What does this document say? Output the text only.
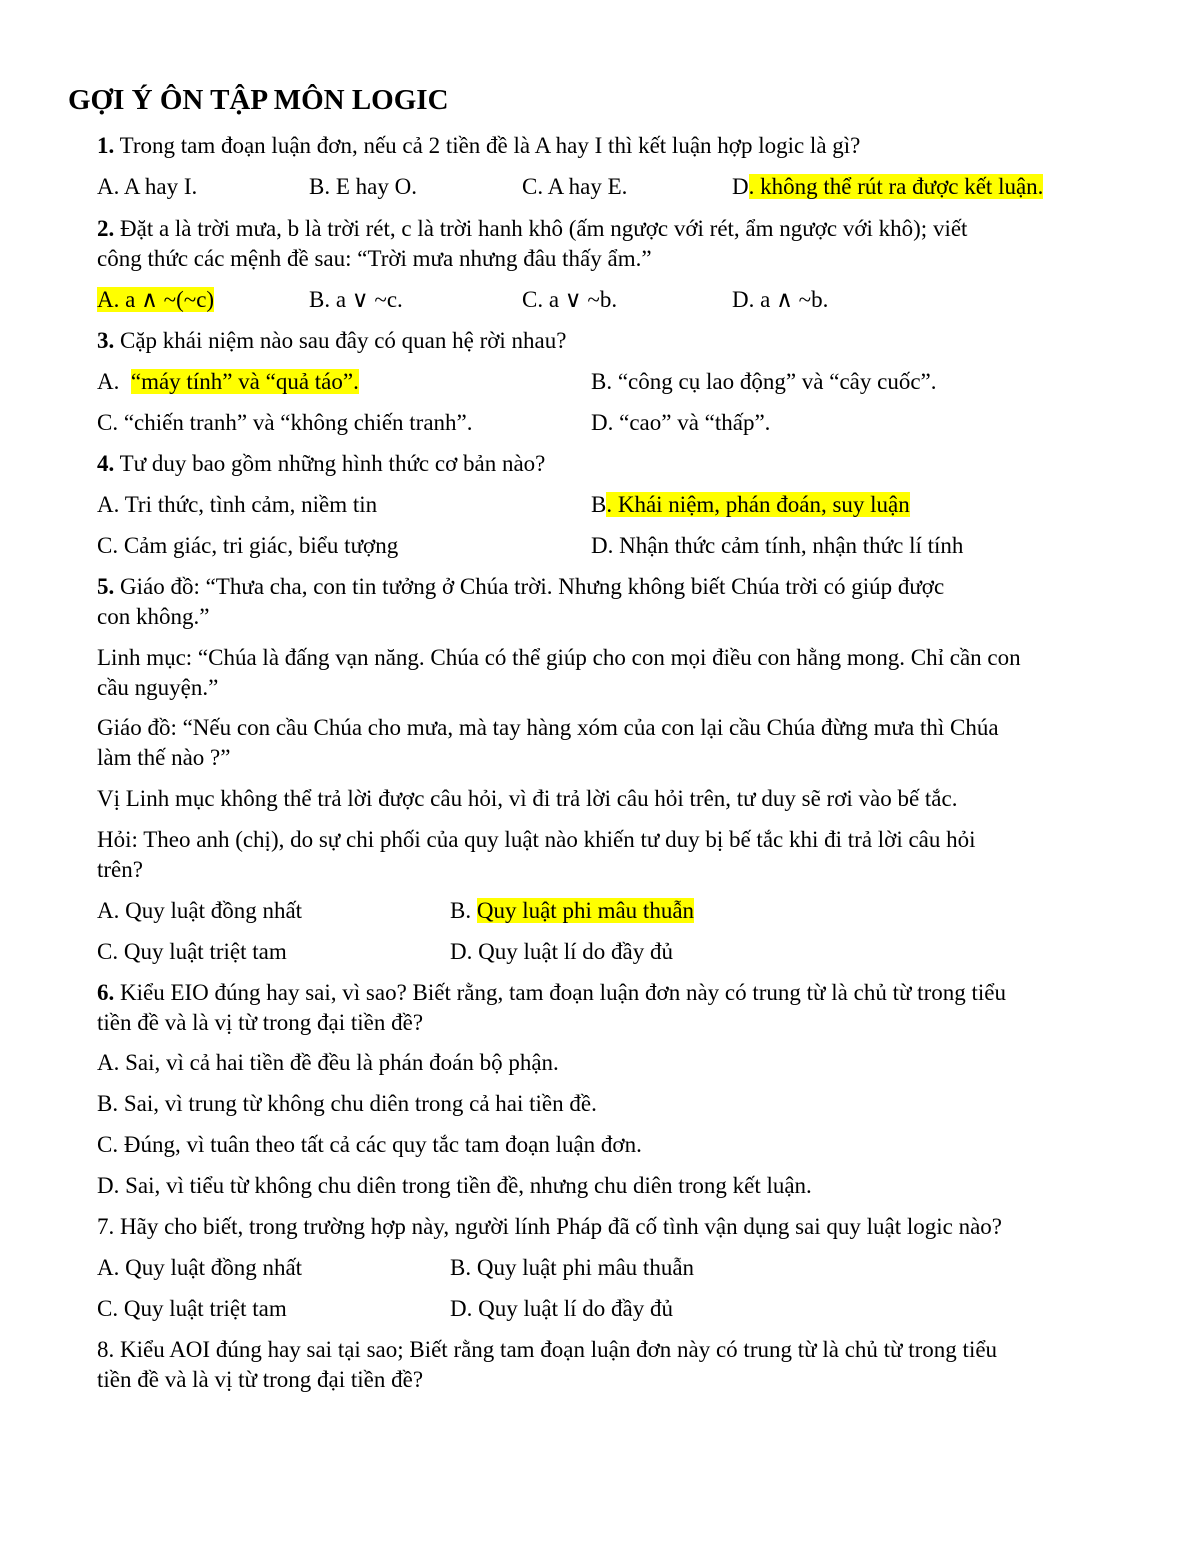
GỢI Ý ÔN TẬP MÔN LOGIC
1. Trong tam đoạn luận đơn, nếu cả 2 tiền đề là A hay I thì kết luận hợp logic là gì?
A. A hay I.	B. E hay O.	C. A hay E.	D. không thể rút ra được kết luận.
2. Đặt a là trời mưa, b là trời rét, c là trời hanh khô (ấm ngược với rét, ẩm ngược với khô); viết
công thức các mệnh đề sau: “Trời mưa nhưng đâu thấy ẩm.”
A. a ∧ ~(~c)	B. a ∨ ~c.	C. a ∨ ~b.	D. a ∧ ~b.
3. Cặp khái niệm nào sau đây có quan hệ rời nhau?
A.  “máy tính” và “quả táo”.	B. “công cụ lao động” và “cây cuốc”.
C. “chiến tranh” và “không chiến tranh”.	D. “cao” và “thấp”.
4. Tư duy bao gồm những hình thức cơ bản nào?
A. Tri thức, tình cảm, niềm tin	B. Khái niệm, phán đoán, suy luận
C. Cảm giác, tri giác, biểu tượng	D. Nhận thức cảm tính, nhận thức lí tính
5. Giáo đồ: “Thưa cha, con tin tưởng ở Chúa trời. Nhưng không biết Chúa trời có giúp được
con không.”
Linh mục: “Chúa là đấng vạn năng. Chúa có thể giúp cho con mọi điều con hằng mong. Chỉ cần con
cầu nguyện.”
Giáo đồ: “Nếu con cầu Chúa cho mưa, mà tay hàng xóm của con lại cầu Chúa đừng mưa thì Chúa
làm thế nào ?”
Vị Linh mục không thể trả lời được câu hỏi, vì đi trả lời câu hỏi trên, tư duy sẽ rơi vào bế tắc.
Hỏi: Theo anh (chị), do sự chi phối của quy luật nào khiến tư duy bị bế tắc khi đi trả lời câu hỏi
trên?
A. Quy luật đồng nhất	B. Quy luật phi mâu thuẫn
C. Quy luật triệt tam	D. Quy luật lí do đầy đủ
6. Kiểu EIO đúng hay sai, vì sao? Biết rằng, tam đoạn luận đơn này có trung từ là chủ từ trong tiểu
tiền đề và là vị từ trong đại tiền đề?
A. Sai, vì cả hai tiền đề đều là phán đoán bộ phận.
B. Sai, vì trung từ không chu diên trong cả hai tiền đề.
C. Đúng, vì tuân theo tất cả các quy tắc tam đoạn luận đơn.
D. Sai, vì tiểu từ không chu diên trong tiền đề, nhưng chu diên trong kết luận.
7. Hãy cho biết, trong trường hợp này, người lính Pháp đã cố tình vận dụng sai quy luật logic nào?
A. Quy luật đồng nhất	B. Quy luật phi mâu thuẫn
C. Quy luật triệt tam	D. Quy luật lí do đầy đủ
8. Kiểu AOI đúng hay sai tại sao; Biết rằng tam đoạn luận đơn này có trung từ là chủ từ trong tiểu
tiền đề và là vị từ trong đại tiền đề?
